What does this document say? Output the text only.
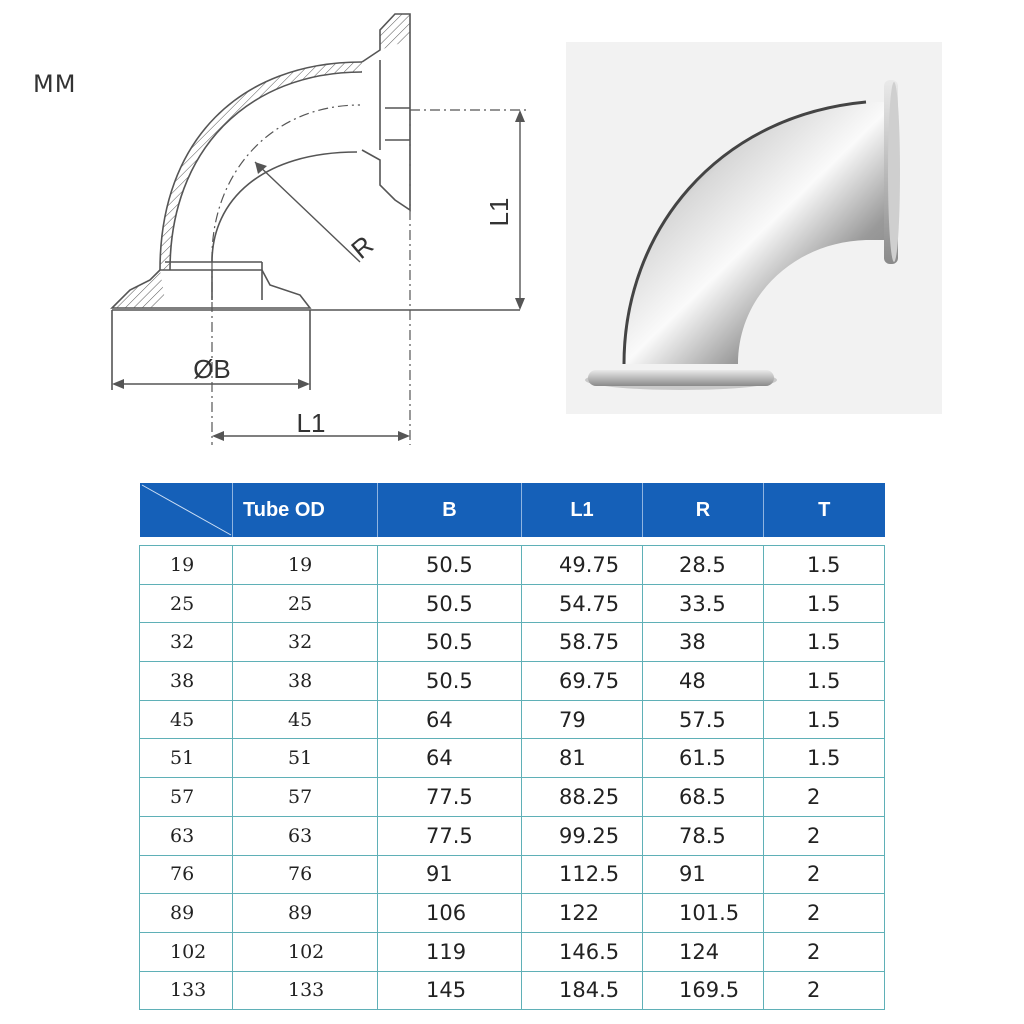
MM
R
L1
ØB
L1
	Tube OD	B	L1	R	T

19	19	50.5	49.75	28.5	1.5
25	25	50.5	54.75	33.5	1.5
32	32	50.5	58.75	38	1.5
38	38	50.5	69.75	48	1.5
45	45	64	79	57.5	1.5
51	51	64	81	61.5	1.5
57	57	77.5	88.25	68.5	2
63	63	77.5	99.25	78.5	2
76	76	91	112.5	91	2
89	89	106	122	101.5	2
102	102	119	146.5	124	2
133	133	145	184.5	169.5	2
